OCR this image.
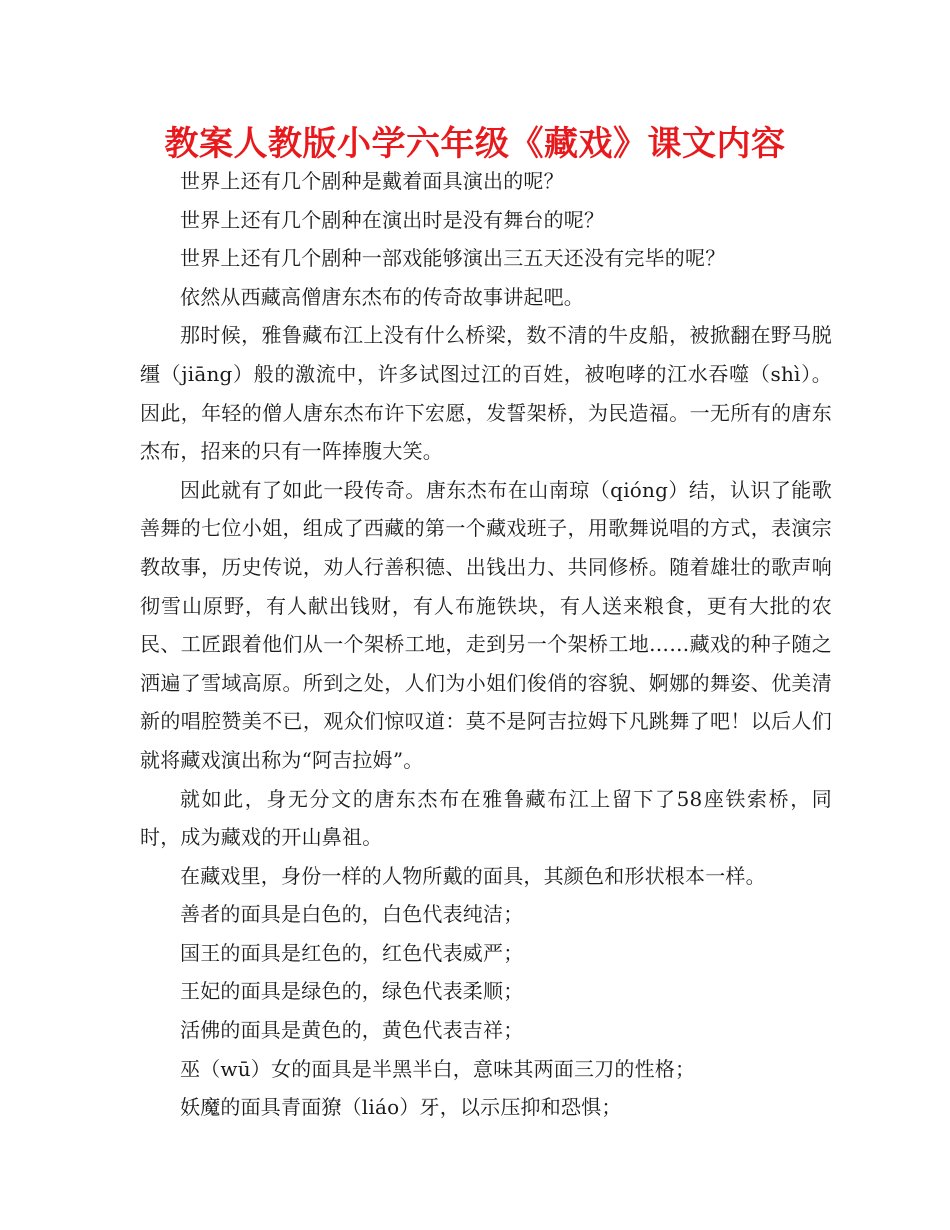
教案人教版小学六年级《藏戏》课文内容

世界上还有几个剧种是戴着面具演出的呢？

世界上还有几个剧种在演出时是没有舞台的呢？

世界上还有几个剧种一部戏能够演出三五天还没有完毕的呢？

依然从西藏高僧唐东杰布的传奇故事讲起吧。

那时候，雅鲁藏布江上没有什么桥梁，数不清的牛皮船，被掀翻在野马脱缰（jiāng）般的激流中，许多试图过江的百姓，被咆哮的江水吞噬（shì）。因此，年轻的僧人唐东杰布许下宏愿，发誓架桥，为民造福。一无所有的唐东杰布，招来的只有一阵捧腹大笑。

因此就有了如此一段传奇。唐东杰布在山南琼（qióng）结，认识了能歌善舞的七位小姐，组成了西藏的第一个藏戏班子，用歌舞说唱的方式，表演宗教故事，历史传说，劝人行善积德、出钱出力、共同修桥。随着雄壮的歌声响彻雪山原野，有人献出钱财，有人布施铁块，有人送来粮食，更有大批的农民、工匠跟着他们从一个架桥工地，走到另一个架桥工地……藏戏的种子随之洒遍了雪域高原。所到之处，人们为小姐们俊俏的容貌、婀娜的舞姿、优美清新的唱腔赞美不已，观众们惊叹道：莫不是阿吉拉姆下凡跳舞了吧！以后人们就将藏戏演出称为“阿吉拉姆”。

就如此，身无分文的唐东杰布在雅鲁藏布江上留下了58座铁索桥，同时，成为藏戏的开山鼻祖。

在藏戏里，身份一样的人物所戴的面具，其颜色和形状根本一样。

善者的面具是白色的，白色代表纯洁；

国王的面具是红色的，红色代表威严；

王妃的面具是绿色的，绿色代表柔顺；

活佛的面具是黄色的，黄色代表吉祥；

巫（wū）女的面具是半黑半白，意味其两面三刀的性格；

妖魔的面具青面獠（liáo）牙，以示压抑和恐惧；
